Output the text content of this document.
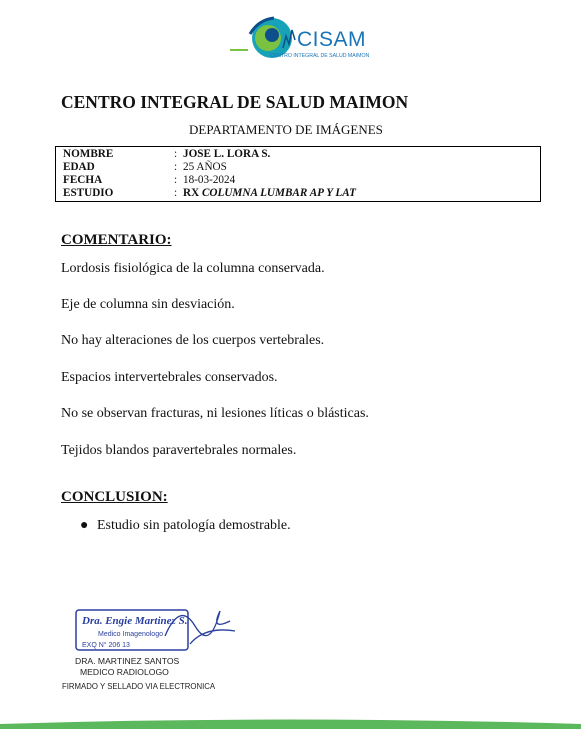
CISAM
CENTRO INTEGRAL DE SALUD MAIMON
CENTRO INTEGRAL DE SALUD MAIMON
DEPARTAMENTO DE IMÁGENES
NOMBRE	: JOSE L. LORA S.
EDAD	: 25 AÑOS
FECHA	: 18-03-2024
ESTUDIO	: RX COLUMNA LUMBAR AP Y LAT
COMENTARIO:
Lordosis fisiológica de la columna conservada.
Eje de columna sin desviación.
No hay alteraciones de los cuerpos vertebrales.
Espacios intervertebrales conservados.
No se observan fracturas, ni lesiones líticas o blásticas.
Tejidos blandos paravertebrales normales.
CONCLUSION:
● Estudio sin patología demostrable.
Dra. Engie Martinez S.
Medico Imagenologo
EXQ N° 206 13
DRA. MARTINEZ SANTOS
MEDICO RADIOLOGO
FIRMADO Y SELLADO VIA ELECTRONICA
